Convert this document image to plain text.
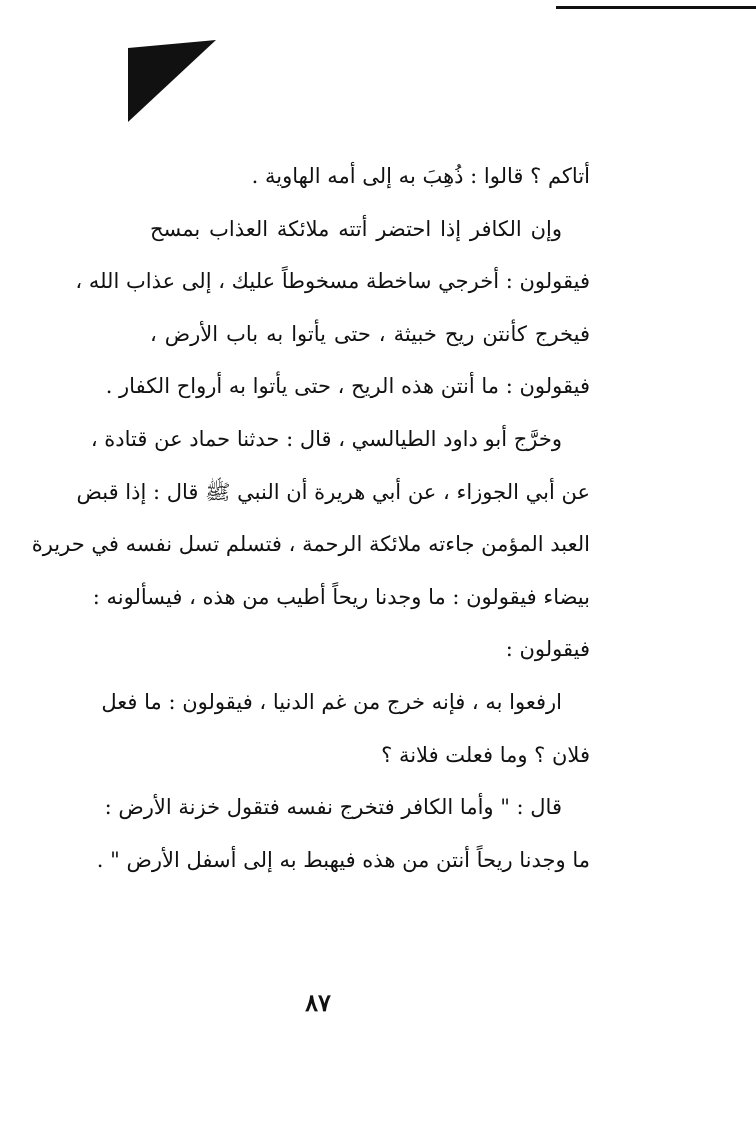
أتاكم ؟ قالوا : ذُهِبَ به إلى أمه الهاوية .
وإن الكافر إذا احتضر أتته ملائكة العذاب بمسح
فيقولون : أخرجي ساخطة مسخوطاً عليك ، إلى عذاب الله ،
فيخرج كأنتن ريح خبيثة ، حتى يأتوا به باب الأرض ،
فيقولون : ما أنتن هذه الريح ، حتى يأتوا به أرواح الكفار .
وخرَّج أبو داود الطيالسي ، قال : حدثنا حماد عن قتادة ،
عن أبي الجوزاء ، عن أبي هريرة أن النبي ﷺ قال : إذا قبض
العبد المؤمن جاءته ملائكة الرحمة ، فتسلم تسل نفسه في حريرة
بيضاء فيقولون : ما وجدنا ريحاً أطيب من هذه ، فيسألونه :
فيقولون :
ارفعوا به ، فإنه خرج من غم الدنيا ، فيقولون : ما فعل
فلان ؟ وما فعلت فلانة ؟
قال : " وأما الكافر فتخرج نفسه فتقول خزنة الأرض :
ما وجدنا ريحاً أنتن من هذه فيهبط به إلى أسفل الأرض " .
٨٧
